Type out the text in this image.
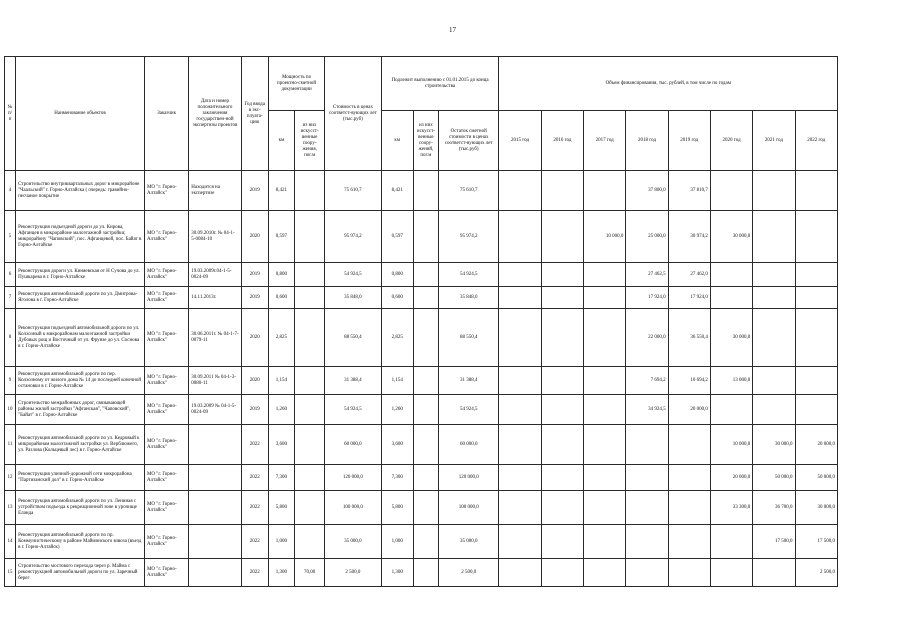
17
№ п/п	Наименование объектов	Заказчик	Дата и номер положительного заключения государствен-ной экспертизы проектов	Год ввода в экс-плуата-цию	Мощность по проектно-сметной документации		Стоимость в ценах соответст-вующих лет (тыс.руб)	Подлежит выполнению с 01.01.2015 до конца строительства			Объем финансирования, тыс. рублей, в том числе по годам							
					км	из них искусст-венные соору-жения, пог.м		км	из них искусст-венные соору-жений, пог.м	Остаток сметной стоимости в ценах соответст-вующих лет (тыс.руб)	2015 год	2016 год	2017 год	2018 год	2019 год	2020 год	2021 год	2022 год
4	Строительство внутриквартальных дорог в микрорайоне "Чаальский" г. Горно-Алтайска ( очередь: гравийно-песчаное покрытие	МО "г. Горно-Алтайск"	Находится на экспертизе	2019	8,421		75 610,7	8,421		75 610,7				37 800,0	37 810,7			
5	Реконструкция подъездной дороги до ул. Кирова, Афганцев в микрорайоне малоэтажной застройки; микрорайону "Чаповский", пос. Афганцевой, пос. Байат в Горно-Алтайске	МО "г. Горно-Алтайск"	30.09.2010г. № 04-1-5-0084-10	2020	0,597		95 974,2	0,597		95 974,2			10 000,0	25 000,0	30 974,2	30 000,0		
6	Реконструкция дороги ул. Киняевская от Н Сучова до ул. Пушкарева в г. Горно-Алтайске	МО "г. Горно-Алтайск"	19.03.2009г.04-1-5-0024-09	2019	0,800		54 924,5	0,800		54 924,5				27 462,5	27 462,0			
7	Реконструкция автомобильной дороги по ул. Дмитрова-Яголова в г. Горно-Алтайске	МО "г. Горно-Алтайск"	14.11.2013г.	2019	0,600		35 848,0	0,600		35 848,0				17 924,0	17 924,0			
8	Реконструкция подъездной автомобильной дороги по ул. Колхозный к микрорайонам малоэтажной застройки Дубовых рощ и Восточный от ул. Фрунзе до ул. Соснова в г. Горно-Алтайске	МО "г. Горно-Алтайск"	30.06.2011г. № 04-1-7-0079-11	2020	2,825		88 550,4	2,825		88 550,4				22 000,0	36 550,4	30 000,0		
9	Реконструкция автомобильной дороги по пер. Колхозному от жилого дома № 14 до последней конечной остановки в г. Горно-Алтайске	МО "г. Горно-Алтайск"	30.09.2011 № 04-1-3-0080-11	2020	1,154		31 388,4	1,154		31 388,4				7 694,2	10 694,2	13 000,0		
10	Строительство межрайонных дорог, связывающей районы жилой застройки "Афганская", "Чаповский", "Байат" в г. Горно-Алтайске	МО "г. Горно-Алтайск"	19.03.2009 № 04-1-5-0024-09	2019	1,260		54 924,5	1,260		54 924,5				34 924,5	20 000,0			
11	Реконструкция автомобильной дороги по ул. Кедровый к микрорайонам малоэтажной застройки ул. Верблюжего, ул. Разлова (Кольцевый лес) в г. Горно-Алтайске	МО "г. Горно-Алтайск"		2022	3,600		60 000,0	3,600		60 000,0						10 000,0	30 000,0	20 000,0
12	Реконструкция уличной-дорожной сети микрорайона "Партизанский дол" в г. Горно-Алтайске	МО "г. Горно-Алтайск"		2022	7,300		120 000,0	7,300		120 000,0						20 000,0	50 000,0	50 000,0
13	Реконструкция автомобильной дороги по ул. Лениная с устройством подъезда к рекреационной зоне в урочище Еланда	МО "г. Горно-Алтайск"		2022	5,800		100 000,0	5,800		100 000,0						33 300,0	36 700,0	30 000,0
14	Реконструкция автомобильной дороги по пр. Коммунистическому в районе Майминского взвоза (въезд в г. Горно-Алтайск)	МО "г. Горно-Алтайск"		2022	1,000		35 000,0	1,000		35 000,0							17 500,0	17 500,0
15	Строительство мостового перехода через р. Майма с реконструкцией автомобильной дороги по ул. Заречный берег	МО "г. Горно-Алтайск"		2022	1,300	70,00	2 500,0	1,300		2 500,0								2 500,0
